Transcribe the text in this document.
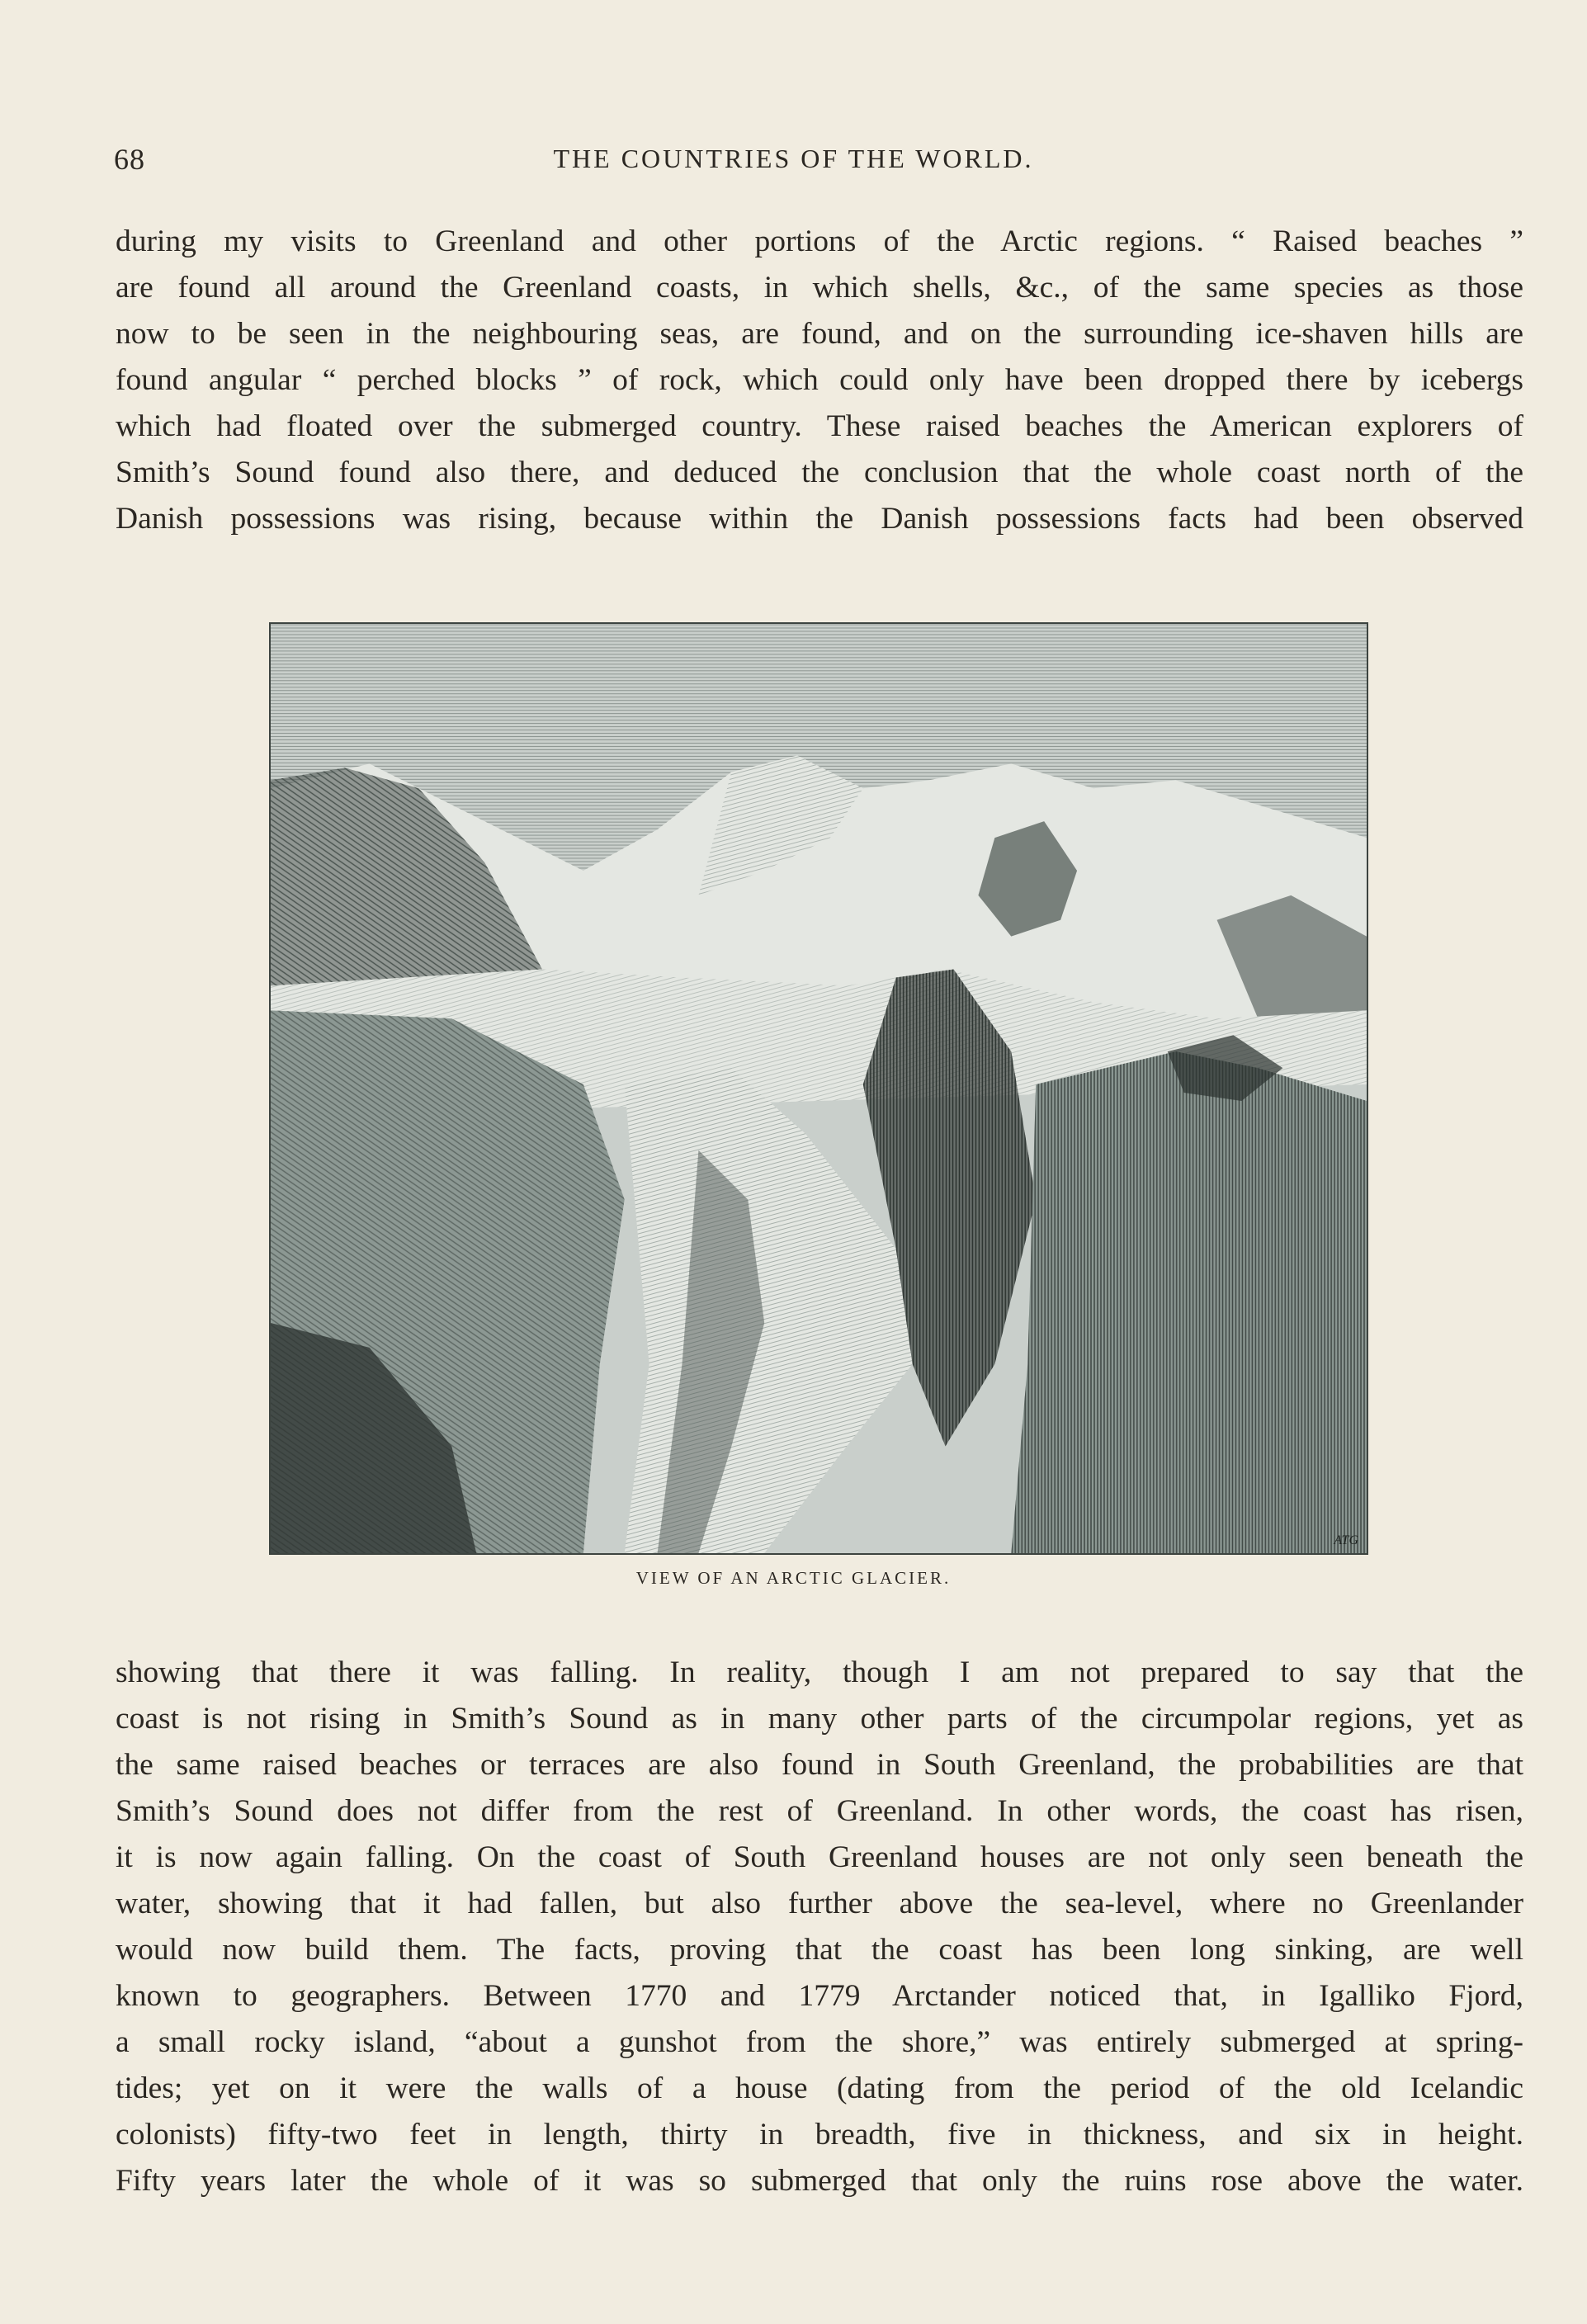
68	THE COUNTRIES OF THE WORLD.
during my visits to Greenland and other portions of the Arctic regions. “ Raised beaches ”
are found all around the Greenland coasts, in which shells, &c., of the same species as those
now to be seen in the neighbouring seas, are found, and on the surrounding ice-shaven hills are
found angular “ perched blocks ” of rock, which could only have been dropped there by icebergs
which had floated over the submerged country. These raised beaches the American explorers of
Smith’s Sound found also there, and deduced the conclusion that the whole coast north of the
Danish possessions was rising, because within the Danish possessions facts had been observed
ATG
VIEW OF AN ARCTIC GLACIER.
showing that there it was falling. In reality, though I am not prepared to say that the
coast is not rising in Smith’s Sound as in many other parts of the circumpolar regions, yet as
the same raised beaches or terraces are also found in South Greenland, the probabilities are that
Smith’s Sound does not differ from the rest of Greenland. In other words, the coast has risen,
it is now again falling. On the coast of South Greenland houses are not only seen beneath the
water, showing that it had fallen, but also further above the sea-level, where no Greenlander
would now build them. The facts, proving that the coast has been long sinking, are well
known to geographers. Between 1770 and 1779 Arctander noticed that, in Igalliko Fjord,
a small rocky island, “about a gunshot from the shore,” was entirely submerged at spring-
tides; yet on it were the walls of a house (dating from the period of the old Icelandic
colonists) fifty-two feet in length, thirty in breadth, five in thickness, and six in height.
Fifty years later the whole of it was so submerged that only the ruins rose above the water.
